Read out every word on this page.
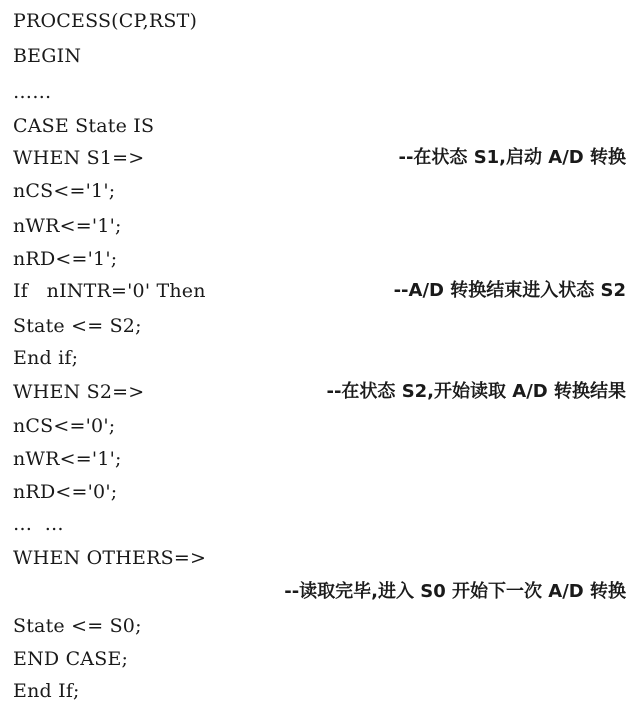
PROCESS(CP,RST)
BEGIN
……
CASE State IS
WHEN S1=>	--在状态 S1,启动 A/D 转换
nCS<='1';
nWR<='1';
nRD<='1';
If   nINTR='0' Then	--A/D 转换结束进入状态 S2
State <= S2;
End if;
WHEN S2=>	--在状态 S2,开始读取 A/D 转换结果
nCS<='0';
nWR<='1';
nRD<='0';
…  …
WHEN OTHERS=>
--读取完毕,进入 S0 开始下一次 A/D 转换
State <= S0;
END CASE;
End If;
